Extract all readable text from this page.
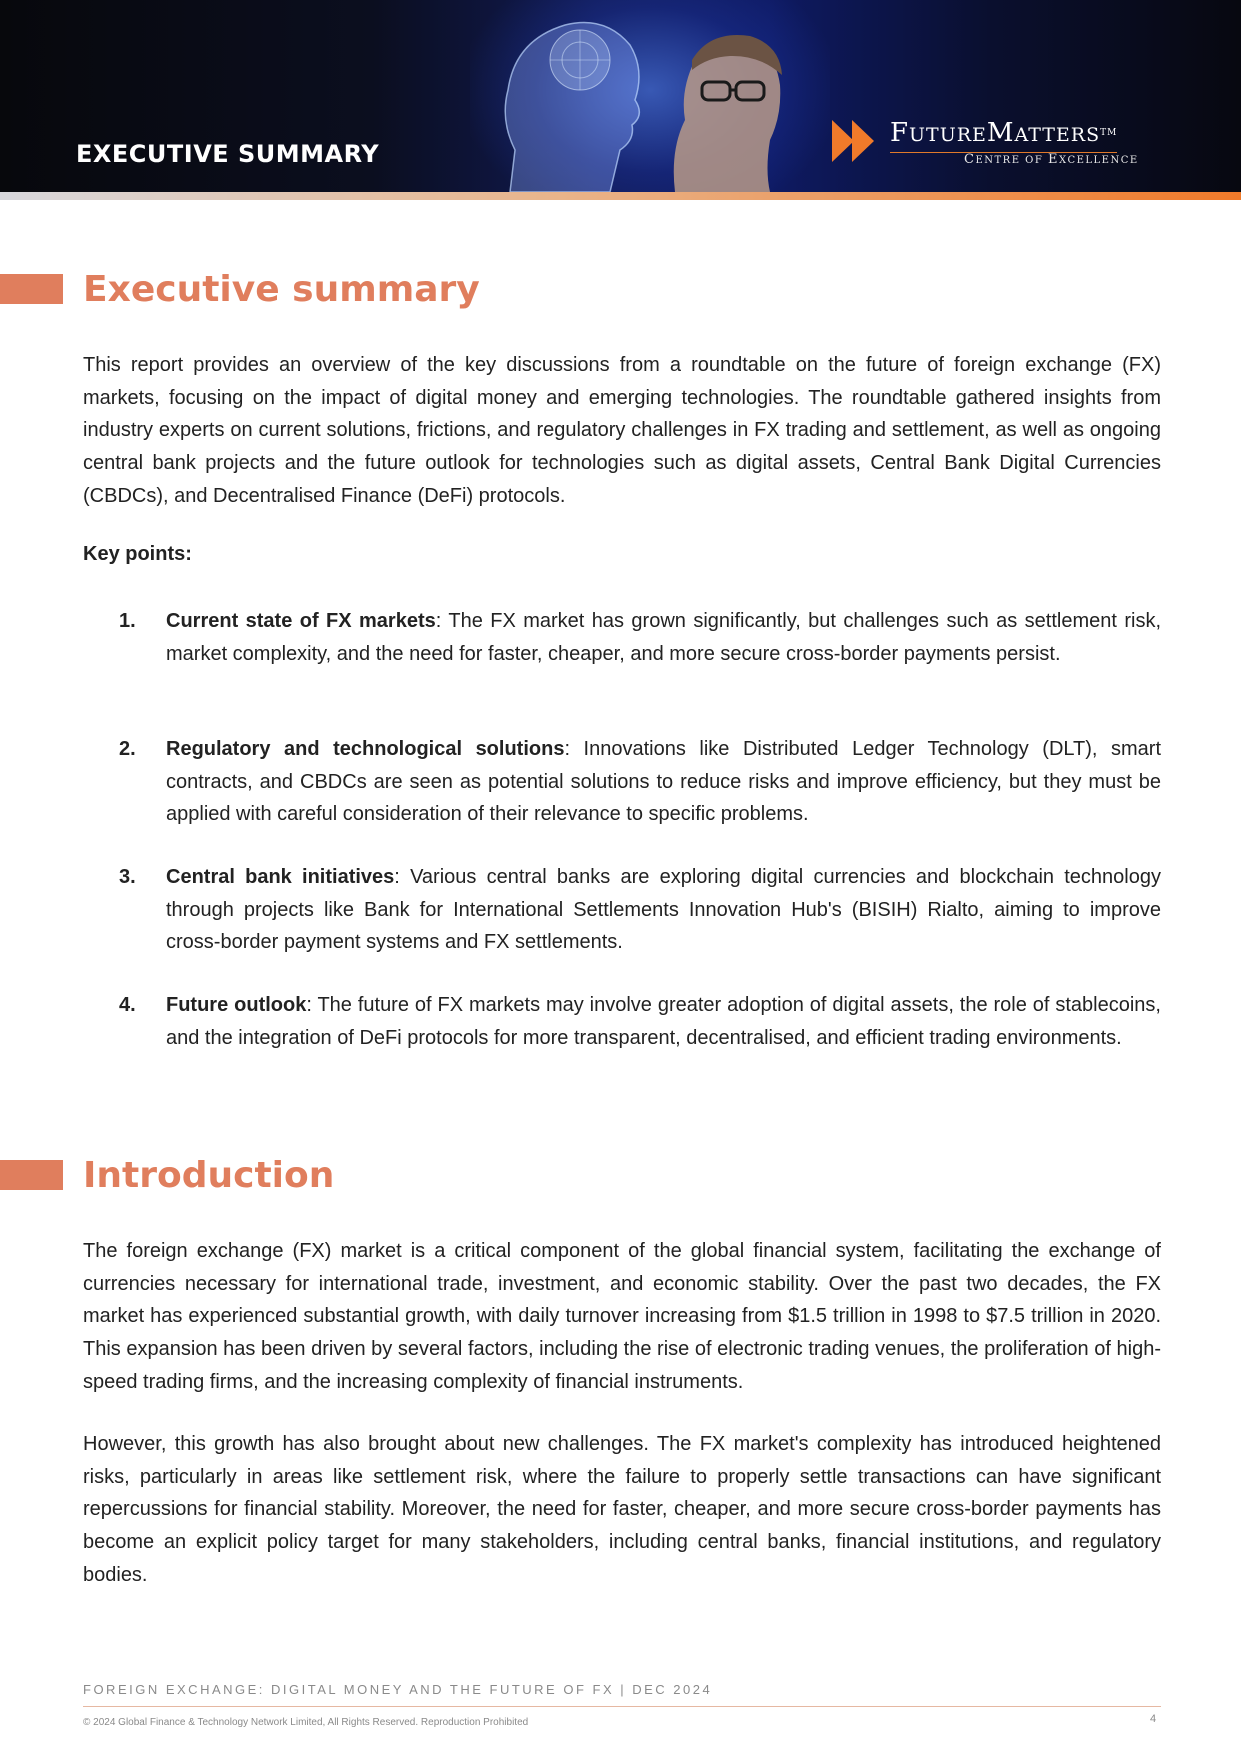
EXECUTIVE SUMMARY
FUTUREMATTERS™
CENTRE OF EXCELLENCE
Executive summary

This report provides an overview of the key discussions from a roundtable on the future of foreign exchange (FX) markets, focusing on the impact of digital money and emerging technologies. The roundtable gathered insights from industry experts on current solutions, frictions, and regulatory challenges in FX trading and settlement, as well as ongoing central bank projects and the future outlook for technologies such as digital assets, Central Bank Digital Currencies (CBDCs), and Decentralised Finance (DeFi) protocols.

Key points:

1. Current state of FX markets: The FX market has grown significantly, but challenges such as settlement risk, market complexity, and the need for faster, cheaper, and more secure cross-border payments persist.

2. Regulatory and technological solutions: Innovations like Distributed Ledger Technology (DLT), smart contracts, and CBDCs are seen as potential solutions to reduce risks and improve efficiency, but they must be applied with careful consideration of their relevance to specific problems.

3. Central bank initiatives: Various central banks are exploring digital currencies and blockchain technology through projects like Bank for International Settlements Innovation Hub's (BISIH) Rialto, aiming to improve cross-border payment systems and FX settlements.

4. Future outlook: The future of FX markets may involve greater adoption of digital assets, the role of stablecoins, and the integration of DeFi protocols for more transparent, decentralised, and efficient trading environments.

Introduction

The foreign exchange (FX) market is a critical component of the global financial system, facilitating the exchange of currencies necessary for international trade, investment, and economic stability. Over the past two decades, the FX market has experienced substantial growth, with daily turnover increasing from $1.5 trillion in 1998 to $7.5 trillion in 2020. This expansion has been driven by several factors, including the rise of electronic trading venues, the proliferation of high-speed trading firms, and the increasing complexity of financial instruments.

However, this growth has also brought about new challenges. The FX market's complexity has introduced heightened risks, particularly in areas like settlement risk, where the failure to properly settle transactions can have significant repercussions for financial stability. Moreover, the need for faster, cheaper, and more secure cross-border payments has become an explicit policy target for many stakeholders, including central banks, financial institutions, and regulatory bodies.

FOREIGN EXCHANGE: DIGITAL MONEY AND THE FUTURE OF FX | DEC 2024
© 2024 Global Finance & Technology Network Limited, All Rights Reserved. Reproduction Prohibited	4
